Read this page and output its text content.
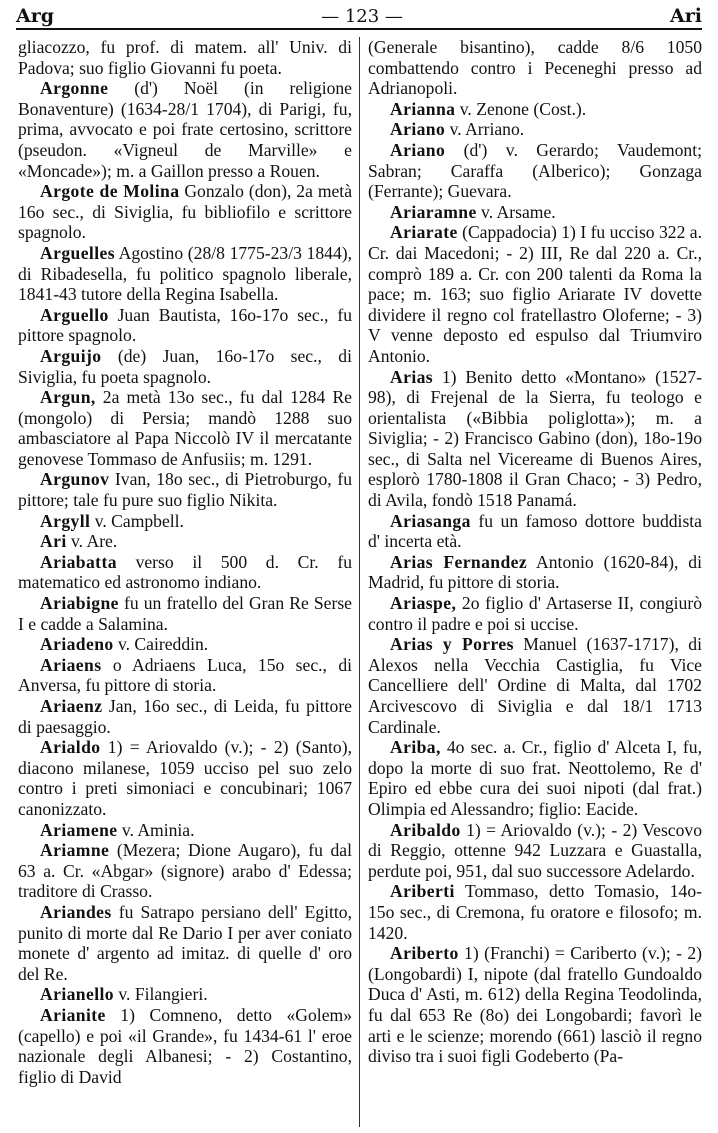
Arg	— 123 —	Ari

gliacozzo, fu prof. di matem. all' Univ. di Padova; suo figlio Giovanni fu poeta.

Argonne (d') Noël (in religione Bonaventure) (1634-28/1 1704), di Parigi, fu, prima, avvocato e poi frate certosino, scrittore (pseudon. «Vigneul de Marville» e «Moncade»); m. a Gaillon presso a Rouen.

Argote de Molina Gonzalo (don), 2a metà 16o sec., di Siviglia, fu bibliofilo e scrittore spagnolo.

Arguelles Agostino (28/8 1775-23/3 1844), di Ribadesella, fu politico spagnolo liberale, 1841-43 tutore della Regina Isabella.

Arguello Juan Bautista, 16o-17o sec., fu pittore spagnolo.

Arguijo (de) Juan, 16o-17o sec., di Siviglia, fu poeta spagnolo.

Argun, 2a metà 13o sec., fu dal 1284 Re (mongolo) di Persia; mandò 1288 suo ambasciatore al Papa Niccolò IV il mercatante genovese Tommaso de Anfusiis; m. 1291.

Argunov Ivan, 18o sec., di Pietroburgo, fu pittore; tale fu pure suo figlio Nikita.

Argyll v. Campbell.

Ari v. Are.

Ariabatta verso il 500 d. Cr. fu matematico ed astronomo indiano.

Ariabigne fu un fratello del Gran Re Serse I e cadde a Salamina.

Ariadeno v. Caireddin.

Ariaens o Adriaens Luca, 15o sec., di Anversa, fu pittore di storia.

Ariaenz Jan, 16o sec., di Leida, fu pittore di paesaggio.

Arialdo 1) = Ariovaldo (v.); - 2) (Santo), diacono milanese, 1059 ucciso pel suo zelo contro i preti simoniaci e concubinari; 1067 canonizzato.

Ariamene v. Aminia.

Ariamne (Mezera; Dione Augaro), fu dal 63 a. Cr. «Abgar» (signore) arabo d' Edessa; traditore di Crasso.

Ariandes fu Satrapo persiano dell' Egitto, punito di morte dal Re Dario I per aver coniato monete d' argento ad imitaz. di quelle d' oro del Re.

Arianello v. Filangieri.

Arianite 1) Comneno, detto «Golem» (capello) e poi «il Grande», fu 1434-61 l' eroe nazionale degli Albanesi; - 2) Costantino, figlio di David

(Generale bisantino), cadde 8/6 1050 combattendo contro i Peceneghi presso ad Adrianopoli.

Arianna v. Zenone (Cost.).

Ariano v. Arriano.

Ariano (d') v. Gerardo; Vaudemont; Sabran; Caraffa (Alberico); Gonzaga (Ferrante); Guevara.

Ariaramne v. Arsame.

Ariarate (Cappadocia) 1) I fu ucciso 322 a. Cr. dai Macedoni; - 2) III, Re dal 220 a. Cr., comprò 189 a. Cr. con 200 talenti da Roma la pace; m. 163; suo figlio Ariarate IV dovette dividere il regno col fratellastro Oloferne; - 3) V venne deposto ed espulso dal Triumviro Antonio.

Arias 1) Benito detto «Montano» (1527-98), di Frejenal de la Sierra, fu teologo e orientalista («Bibbia poliglotta»); m. a Siviglia; - 2) Francisco Gabino (don), 18o-19o sec., di Salta nel Vicereame di Buenos Aires, esplorò 1780-1808 il Gran Chaco; - 3) Pedro, di Avila, fondò 1518 Panamá.

Ariasanga fu un famoso dottore buddista d' incerta età.

Arias Fernandez Antonio (1620-84), di Madrid, fu pittore di storia.

Ariaspe, 2o figlio d' Artaserse II, congiurò contro il padre e poi si uccise.

Arias y Porres Manuel (1637-1717), di Alexos nella Vecchia Castiglia, fu Vice Cancelliere dell' Ordine di Malta, dal 1702 Arcivescovo di Siviglia e dal 18/1 1713 Cardinale.

Ariba, 4o sec. a. Cr., figlio d' Alceta I, fu, dopo la morte di suo frat. Neottolemo, Re d' Epiro ed ebbe cura dei suoi nipoti (dal frat.) Olimpia ed Alessandro; figlio: Eacide.

Aribaldo 1) = Ariovaldo (v.); - 2) Vescovo di Reggio, ottenne 942 Luzzara e Guastalla, perdute poi, 951, dal suo successore Adelardo.

Ariberti Tommaso, detto Tomasio, 14o-15o sec., di Cremona, fu oratore e filosofo; m. 1420.

Ariberto 1) (Franchi) = Cariberto (v.); - 2) (Longobardi) I, nipote (dal fratello Gundoaldo Duca d' Asti, m. 612) della Regina Teodolinda, fu dal 653 Re (8o) dei Longobardi; favorì le arti e le scienze; morendo (661) lasciò il regno diviso tra i suoi figli Godeberto (Pa-
